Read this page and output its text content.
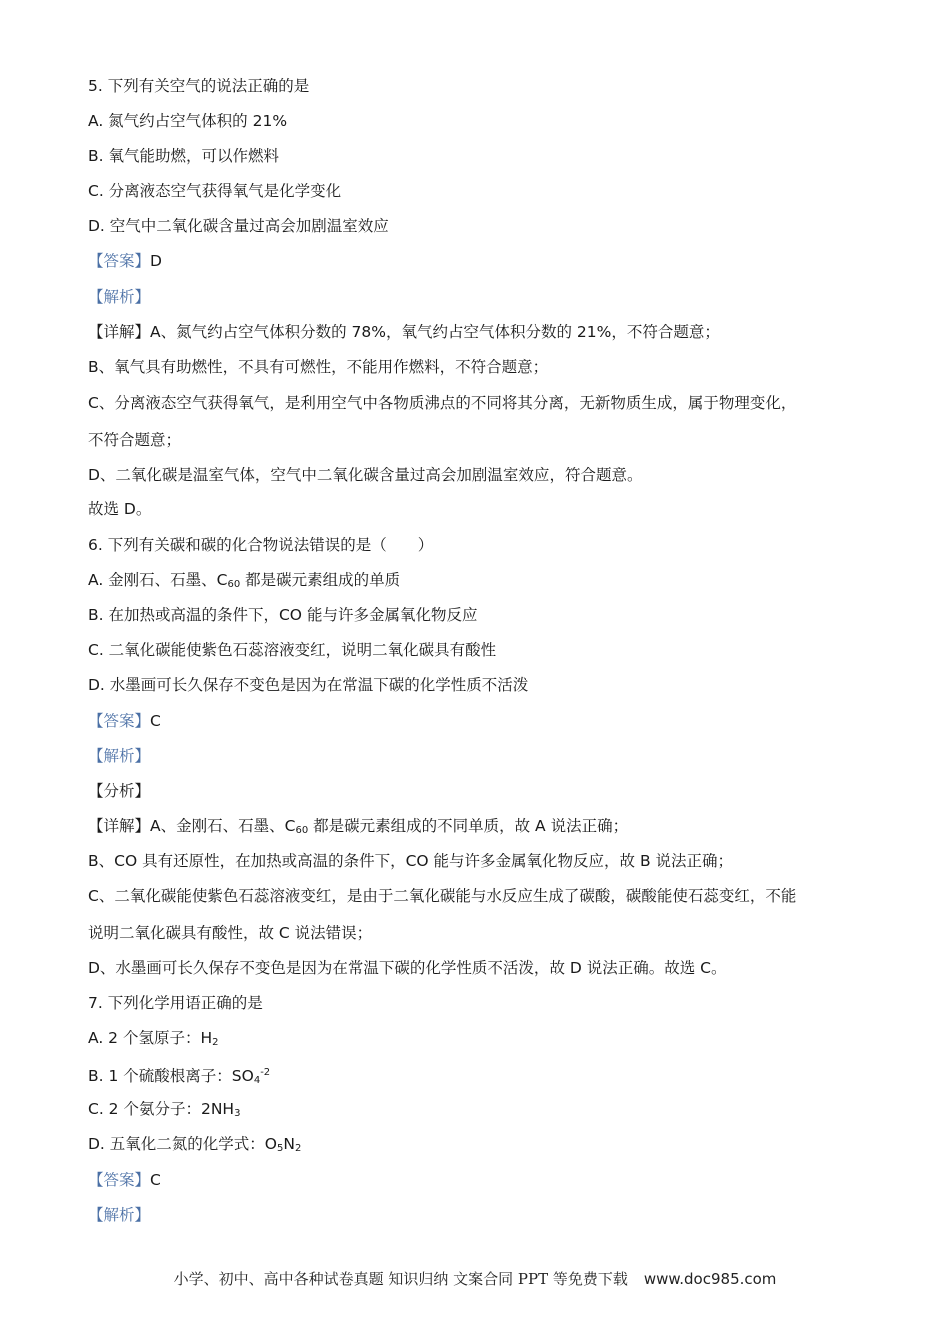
5. 下列有关空气的说法正确的是
A. 氮气约占空气体积的 21%
B. 氧气能助燃，可以作燃料
C. 分离液态空气获得氧气是化学变化
D. 空气中二氧化碳含量过高会加剧温室效应
【答案】D
【解析】
【详解】A、氮气约占空气体积分数的 78%，氧气约占空气体积分数的 21%，不符合题意；
B、氧气具有助燃性，不具有可燃性，不能用作燃料，不符合题意；
C、分离液态空气获得氧气，是利用空气中各物质沸点的不同将其分离，无新物质生成，属于物理变化，
不符合题意；
D、二氧化碳是温室气体，空气中二氧化碳含量过高会加剧温室效应，符合题意。
故选 D。
6. 下列有关碳和碳的化合物说法错误的是（　　）
A. 金刚石、石墨、$C_{60}$ 都是碳元素组成的单质
B. 在加热或高温的条件下，CO 能与许多金属氧化物反应
C. 二氧化碳能使紫色石蕊溶液变红，说明二氧化碳具有酸性
D. 水墨画可长久保存不变色是因为在常温下碳的化学性质不活泼
【答案】C
【解析】
【分析】
【详解】A、金刚石、石墨、$C_{60}$ 都是碳元素组成的不同单质，故 A 说法正确；
B、CO 具有还原性，在加热或高温的条件下，CO 能与许多金属氧化物反应，故 B 说法正确；
C、二氧化碳能使紫色石蕊溶液变红，是由于二氧化碳能与水反应生成了碳酸，碳酸能使石蕊变红，不能
说明二氧化碳具有酸性，故 C 说法错误；
D、水墨画可长久保存不变色是因为在常温下碳的化学性质不活泼，故 D 说法正确。故选 C。
7. 下列化学用语正确的是
A. 2 个氢原子：$H_2$
B. 1 个硫酸根离子：$SO_4^{-2}$
C. 2 个氨分子：$2NH_3$
D. 五氧化二氮的化学式：$O_5N_2$
【答案】C
【解析】
小学、初中、高中各种试卷真题 知识归纳 文案合同 PPT 等免费下载 www.doc985.com
